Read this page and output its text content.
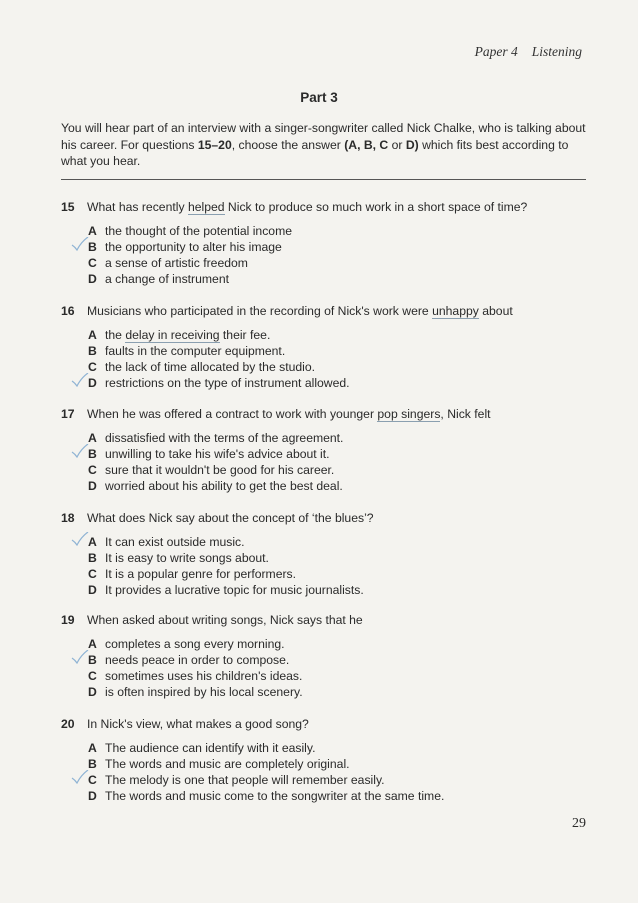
Paper 4 Listening
Part 3
You will hear part of an interview with a singer-songwriter called Nick Chalke, who is talking about his career. For questions 15–20, choose the answer (A, B, C or D) which fits best according to what you hear.
15 What has recently helped Nick to produce so much work in a short space of time?
A the thought of the potential income
B the opportunity to alter his image
C a sense of artistic freedom
D a change of instrument
16 Musicians who participated in the recording of Nick's work were unhappy about
A the delay in receiving their fee.
B faults in the computer equipment.
C the lack of time allocated by the studio.
D restrictions on the type of instrument allowed.
17 When he was offered a contract to work with younger pop singers, Nick felt
A dissatisfied with the terms of the agreement.
B unwilling to take his wife's advice about it.
C sure that it wouldn't be good for his career.
D worried about his ability to get the best deal.
18 What does Nick say about the concept of ‘the blues’?
A It can exist outside music.
B It is easy to write songs about.
C It is a popular genre for performers.
D It provides a lucrative topic for music journalists.
19 When asked about writing songs, Nick says that he
A completes a song every morning.
B needs peace in order to compose.
C sometimes uses his children's ideas.
D is often inspired by his local scenery.
20 In Nick's view, what makes a good song?
A The audience can identify with it easily.
B The words and music are completely original.
C The melody is one that people will remember easily.
D The words and music come to the songwriter at the same time.
29
